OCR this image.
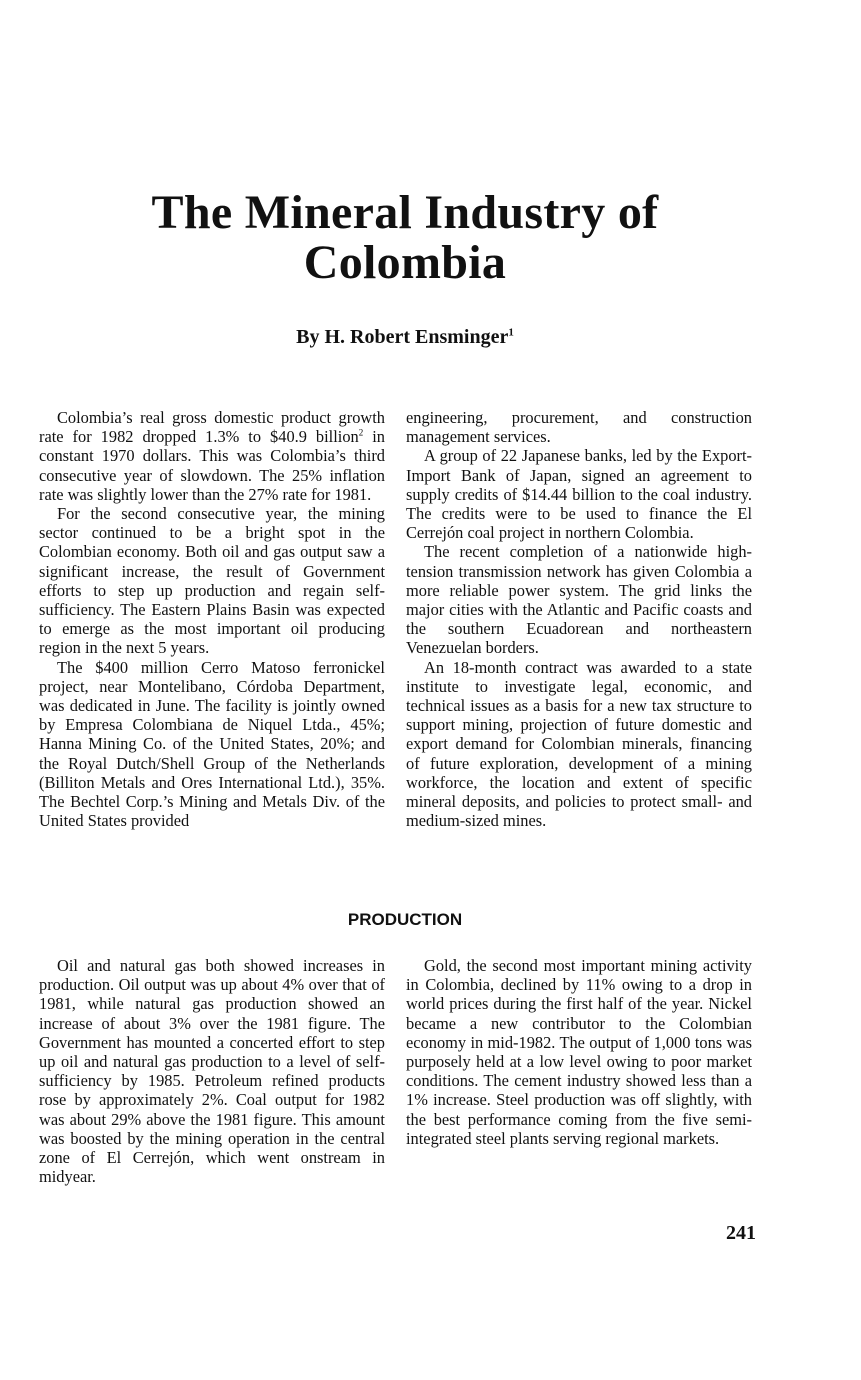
The Mineral Industry of Colombia
By H. Robert Ensminger$^1$

Colombia’s real gross domestic product growth rate for 1982 dropped 1.3% to $40.9 billion$^2$ in constant 1970 dollars. This was Colombia’s third consecutive year of slowdown. The 25% inflation rate was slightly lower than the 27% rate for 1981.

For the second consecutive year, the mining sector continued to be a bright spot in the Colombian economy. Both oil and gas output saw a significant increase, the result of Government efforts to step up production and regain self-sufficiency. The Eastern Plains Basin was expected to emerge as the most important oil producing region in the next 5 years.

The $400 million Cerro Matoso ferronickel project, near Montelibano, Córdoba Department, was dedicated in June. The facility is jointly owned by Empresa Colombiana de Niquel Ltda., 45%; Hanna Mining Co. of the United States, 20%; and the Royal Dutch/Shell Group of the Netherlands (Billiton Metals and Ores International Ltd.), 35%. The Bechtel Corp.’s Mining and Metals Div. of the United States provided

engineering, procurement, and construction management services.

A group of 22 Japanese banks, led by the Export-Import Bank of Japan, signed an agreement to supply credits of $14.44 billion to the coal industry. The credits were to be used to finance the El Cerrejón coal project in northern Colombia.

The recent completion of a nationwide high-tension transmission network has given Colombia a more reliable power system. The grid links the major cities with the Atlantic and Pacific coasts and the southern Ecuadorean and northeastern Venezuelan borders.

An 18-month contract was awarded to a state institute to investigate legal, economic, and technical issues as a basis for a new tax structure to support mining, projection of future domestic and export demand for Colombian minerals, financing of future exploration, development of a mining workforce, the location and extent of specific mineral deposits, and policies to protect small- and medium-sized mines.

PRODUCTION

Oil and natural gas both showed increases in production. Oil output was up about 4% over that of 1981, while natural gas production showed an increase of about 3% over the 1981 figure. The Government has mounted a concerted effort to step up oil and natural gas production to a level of self-sufficiency by 1985. Petroleum refined products rose by approximately 2%. Coal output for 1982 was about 29% above the 1981 figure. This amount was boosted by the mining operation in the central zone of El Cerrejón, which went onstream in midyear.

Gold, the second most important mining activity in Colombia, declined by 11% owing to a drop in world prices during the first half of the year. Nickel became a new contributor to the Colombian economy in mid-1982. The output of 1,000 tons was purposely held at a low level owing to poor market conditions. The cement industry showed less than a 1% increase. Steel production was off slightly, with the best performance coming from the five semi-integrated steel plants serving regional markets.

241
